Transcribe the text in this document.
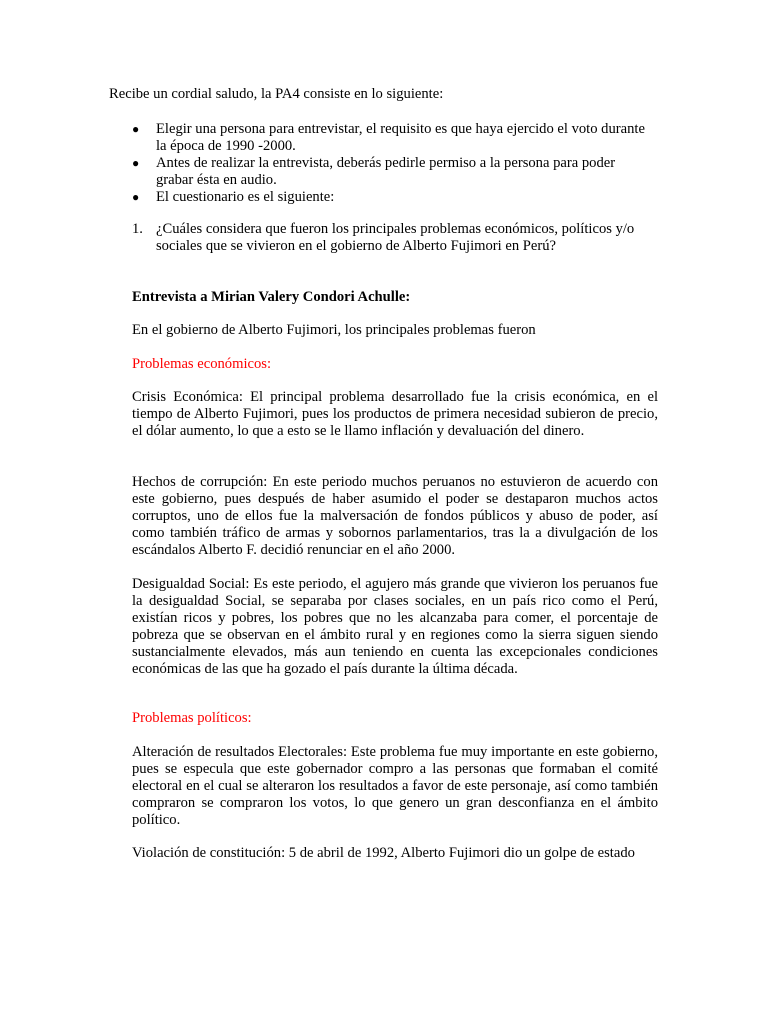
Recibe un cordial saludo, la PA4 consiste en lo siguiente:
● Elegir una persona para entrevistar, el requisito es que haya ejercido el voto durante la época de 1990 -2000.
● Antes de realizar la entrevista, deberás pedirle permiso a la persona para poder grabar ésta en audio.
● El cuestionario es el siguiente:
1. ¿Cuáles considera que fueron los principales problemas económicos, políticos y/o sociales que se vivieron en el gobierno de Alberto Fujimori en Perú?
Entrevista a Mirian Valery Condori Achulle:
En el gobierno de Alberto Fujimori, los principales problemas fueron
Problemas económicos:
Crisis Económica: El principal problema desarrollado fue la crisis económica, en el tiempo de Alberto Fujimori, pues los productos de primera necesidad subieron de precio, el dólar aumento, lo que a esto se le llamo inflación y devaluación del dinero.
Hechos de corrupción: En este periodo muchos peruanos no estuvieron de acuerdo con este gobierno, pues después de haber asumido el poder se destaparon muchos actos corruptos, uno de ellos fue la malversación de fondos públicos y abuso de poder, así como también tráfico de armas y sobornos parlamentarios, tras la a divulgación de los escándalos Alberto F. decidió renunciar en el año 2000.
Desigualdad Social: Es este periodo, el agujero más grande que vivieron los peruanos fue la desigualdad Social, se separaba por clases sociales, en un país rico como el Perú, existían ricos y pobres, los pobres que no les alcanzaba para comer, el porcentaje de pobreza que se observan en el ámbito rural y en regiones como la sierra siguen siendo sustancialmente elevados, más aun teniendo en cuenta las excepcionales condiciones económicas de las que ha gozado el país durante la última década.
Problemas políticos:
Alteración de resultados Electorales: Este problema fue muy importante en este gobierno, pues se especula que este gobernador compro a las personas que formaban el comité electoral en el cual se alteraron los resultados a favor de este personaje, así como también compraron se compraron los votos, lo que genero un gran desconfianza en el ámbito político.
Violación de constitución: 5 de abril de 1992, Alberto Fujimori dio un golpe de estado
